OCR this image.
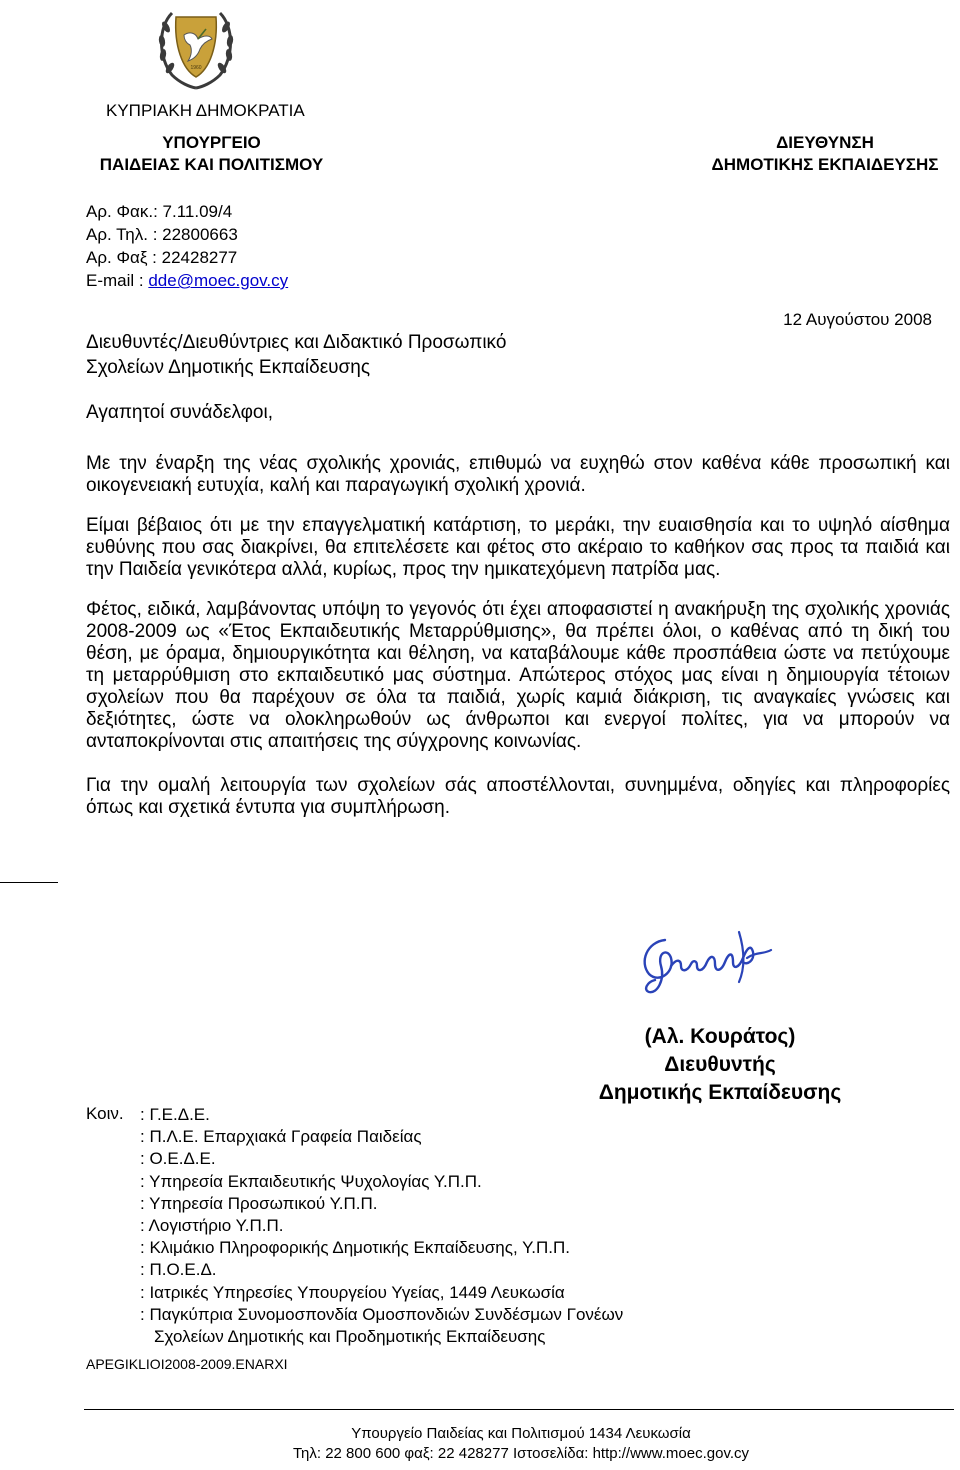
1960
ΚΥΠΡΙΑΚΗ ΔΗΜΟΚΡΑΤΙΑ
ΥΠΟΥΡΓΕΙΟ
ΠΑΙΔΕΙΑΣ ΚΑΙ ΠΟΛΙΤΙΣΜΟΥ
ΔΙΕΥΘΥΝΣΗ
ΔΗΜΟΤΙΚΗΣ ΕΚΠΑΙΔΕΥΣΗΣ
Αρ. Φακ.: 7.11.09/4
Αρ. Τηλ. : 22800663
Αρ. Φαξ : 22428277
E-mail : dde@moec.gov.cy
12 Αυγούστου 2008
Διευθυντές/Διευθύντριες και Διδακτικό Προσωπικό
Σχολείων Δημοτικής Εκπαίδευσης
Αγαπητοί συνάδελφοι,

Με την έναρξη της νέας σχολικής χρονιάς, επιθυμώ να ευχηθώ στον καθένα κάθε προσωπική και οικογενειακή ευτυχία, καλή και παραγωγική σχολική χρονιά.

Είμαι βέβαιος ότι με την επαγγελματική κατάρτιση, το μεράκι, την ευαισθησία και το υψηλό αίσθημα ευθύνης που σας διακρίνει, θα επιτελέσετε και φέτος στο ακέραιο το καθήκον σας προς τα παιδιά και την Παιδεία γενικότερα αλλά, κυρίως, προς την ημικατεχόμενη πατρίδα μας.

Φέτος, ειδικά, λαμβάνοντας υπόψη το γεγονός ότι έχει αποφασιστεί η ανακήρυξη της σχολικής χρονιάς 2008-2009 ως «Έτος Εκπαιδευτικής Μεταρρύθμισης», θα πρέπει όλοι, ο καθένας από τη δική του θέση, με όραμα, δημιουργικότητα και θέληση, να καταβάλουμε κάθε προσπάθεια ώστε να πετύχουμε τη μεταρρύθμιση στο εκπαιδευτικό μας σύστημα. Απώτερος στόχος μας είναι η δημιουργία τέτοιων σχολείων που θα παρέχουν σε όλα τα παιδιά, χωρίς καμιά διάκριση, τις αναγκαίες γνώσεις και δεξιότητες, ώστε να ολοκληρωθούν ως άνθρωποι και ενεργοί πολίτες, για να μπορούν να ανταποκρίνονται στις απαιτήσεις της σύγχρονης κοινωνίας.

Για την ομαλή λειτουργία των σχολείων σάς αποστέλλονται, συνημμένα, οδηγίες και πληροφορίες όπως και σχετικά έντυπα για συμπλήρωση.

(Αλ. Κουράτος)
Διευθυντής
Δημοτικής Εκπαίδευσης
Κοιν. : Γ.Ε.Δ.Ε.
: Π.Λ.Ε. Επαρχιακά Γραφεία Παιδείας
: Ο.Ε.Δ.Ε.
: Υπηρεσία Εκπαιδευτικής Ψυχολογίας Υ.Π.Π.
: Υπηρεσία Προσωπικού Υ.Π.Π.
: Λογιστήριο Υ.Π.Π.
: Κλιμάκιο Πληροφορικής Δημοτικής Εκπαίδευσης, Υ.Π.Π.
: Π.Ο.Ε.Δ.
: Ιατρικές Υπηρεσίες Υπουργείου Υγείας, 1449 Λευκωσία
: Παγκύπρια Συνομοσπονδία Ομοσπονδιών Συνδέσμων Γονέων
Σχολείων Δημοτικής και Προδημοτικής Εκπαίδευσης
APEGIKLIOI2008-2009.ENARXI
Υπουργείο Παιδείας και Πολιτισμού 1434 Λευκωσία
Τηλ: 22 800 600 φαξ: 22 428277 Ιστοσελίδα: http://www.moec.gov.cy
